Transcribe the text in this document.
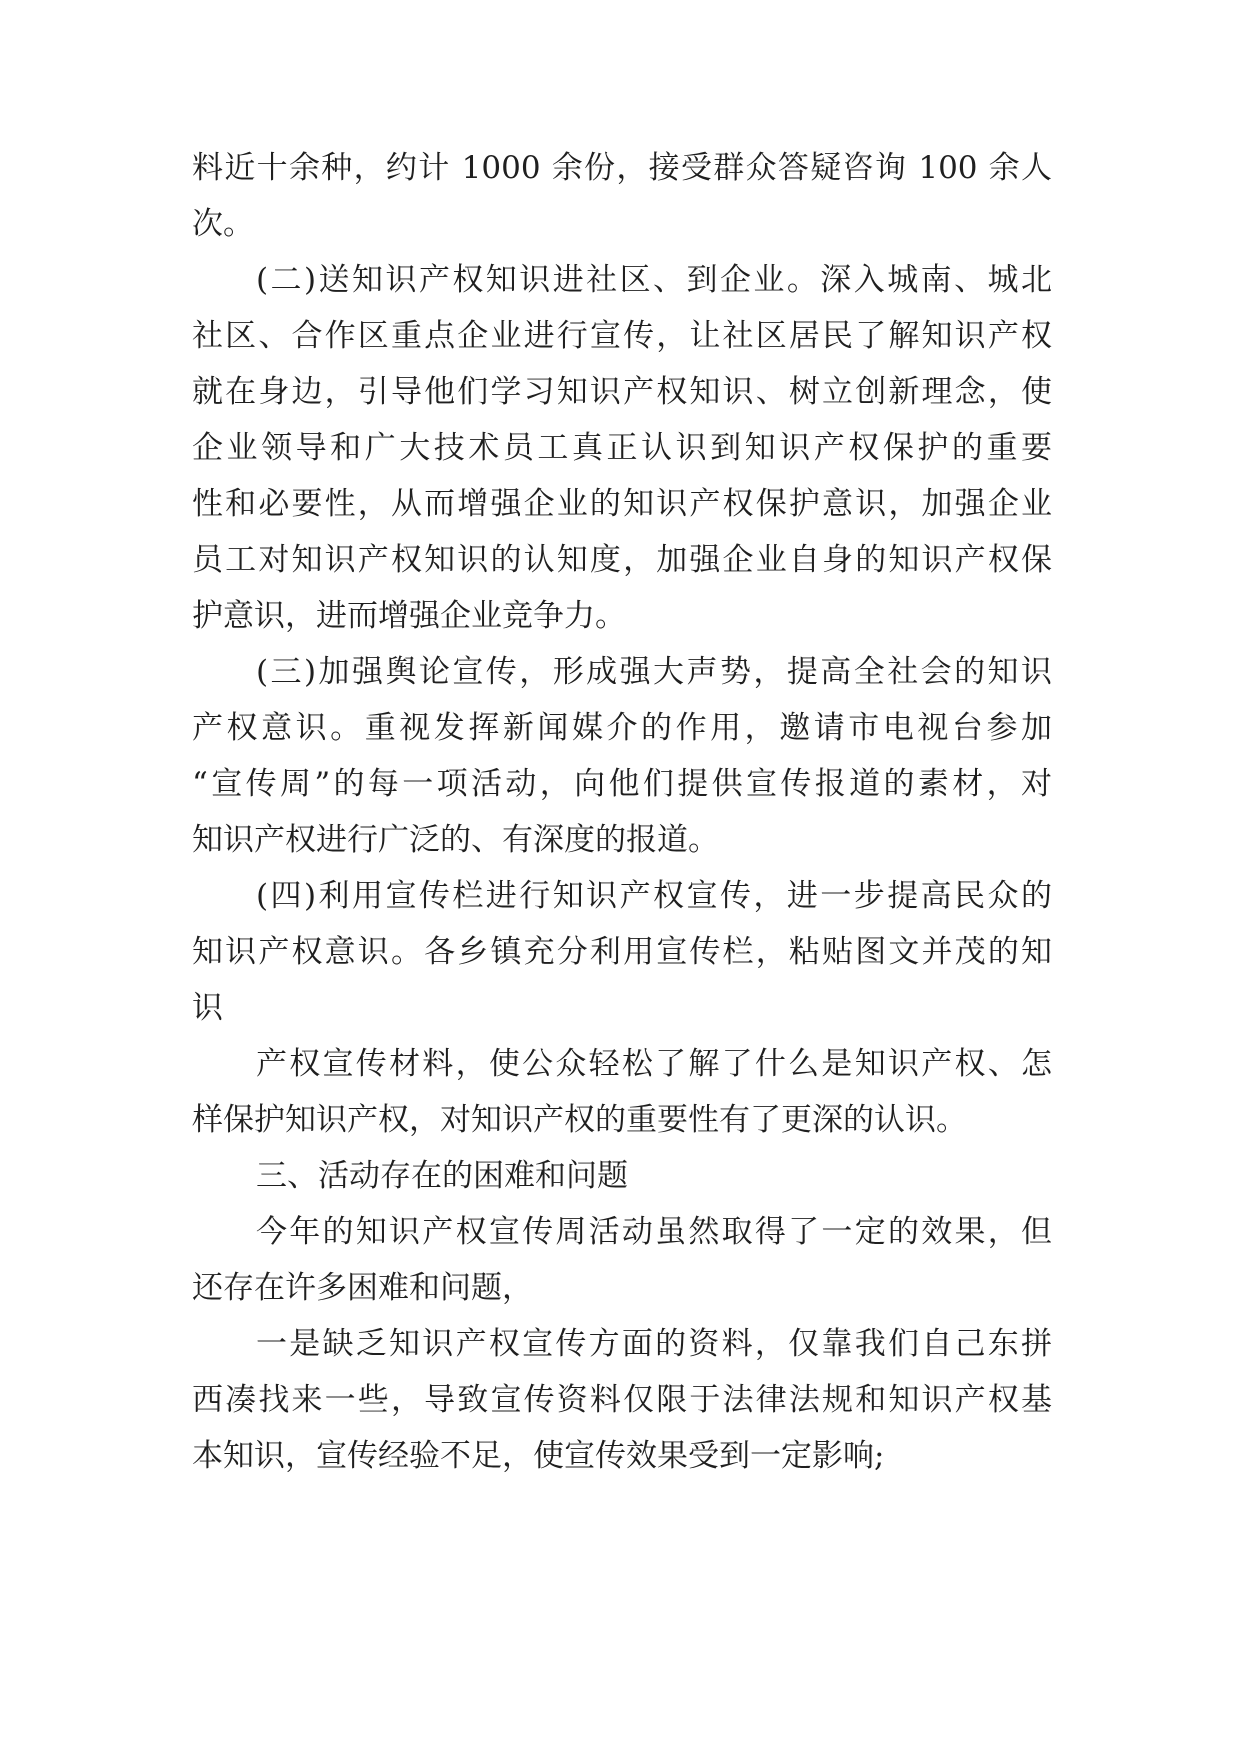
料近十余种，约计 1000 余份，接受群众答疑咨询 100 余人
次。
(二)送知识产权知识进社区、到企业。深入城南、城北
社区、合作区重点企业进行宣传，让社区居民了解知识产权
就在身边，引导他们学习知识产权知识、树立创新理念，使
企业领导和广大技术员工真正认识到知识产权保护的重要
性和必要性，从而增强企业的知识产权保护意识，加强企业
员工对知识产权知识的认知度，加强企业自身的知识产权保
护意识，进而增强企业竞争力。
(三)加强舆论宣传，形成强大声势，提高全社会的知识
产权意识。重视发挥新闻媒介的作用，邀请市电视台参加
“宣传周”的每一项活动，向他们提供宣传报道的素材，对
知识产权进行广泛的、有深度的报道。
(四)利用宣传栏进行知识产权宣传，进一步提高民众的
知识产权意识。各乡镇充分利用宣传栏，粘贴图文并茂的知
识
产权宣传材料，使公众轻松了解了什么是知识产权、怎
样保护知识产权，对知识产权的重要性有了更深的认识。
三、活动存在的困难和问题
今年的知识产权宣传周活动虽然取得了一定的效果，但
还存在许多困难和问题，
一是缺乏知识产权宣传方面的资料，仅靠我们自己东拼
西凑找来一些，导致宣传资料仅限于法律法规和知识产权基
本知识，宣传经验不足，使宣传效果受到一定影响;
